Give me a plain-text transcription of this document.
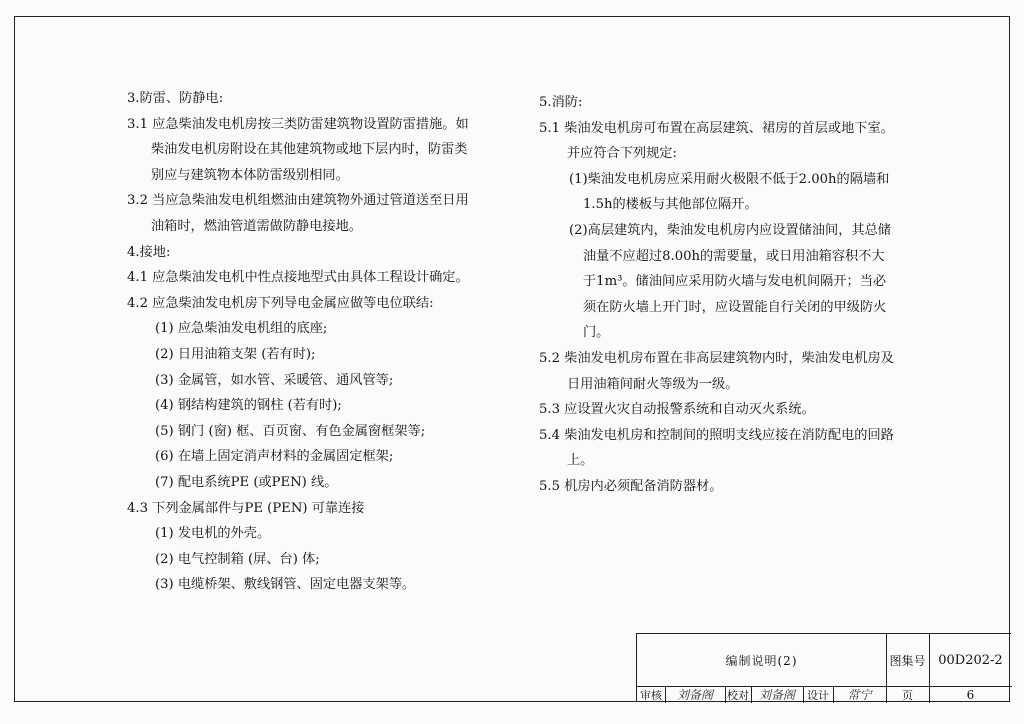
3.防雷、防静电:
3.1 应急柴油发电机房按三类防雷建筑物设置防雷措施。如
柴油发电机房附设在其他建筑物或地下层内时，防雷类
别应与建筑物本体防雷级别相同。
3.2 当应急柴油发电机组燃油由建筑物外通过管道送至日用
油箱时，燃油管道需做防静电接地。
4.接地:
4.1 应急柴油发电机中性点接地型式由具体工程设计确定。
4.2 应急柴油发电机房下列导电金属应做等电位联结:
(1) 应急柴油发电机组的底座;
(2) 日用油箱支架 (若有时);
(3) 金属管，如水管、采暖管、通风管等;
(4) 钢结构建筑的钢柱 (若有时);
(5) 钢门 (窗) 框、百页窗、有色金属窗框架等;
(6) 在墙上固定消声材料的金属固定框架;
(7) 配电系统PE (或PEN) 线。
4.3 下列金属部件与PE (PEN) 可靠连接
(1) 发电机的外壳。
(2) 电气控制箱 (屏、台) 体;
(3) 电缆桥架、敷线钢管、固定电器支架等。
5.消防:
5.1 柴油发电机房可布置在高层建筑、裙房的首层或地下室。
并应符合下列规定:
(1)柴油发电机房应采用耐火极限不低于2.00h的隔墙和
1.5h的楼板与其他部位隔开。
(2)高层建筑内，柴油发电机房内应设置储油间，其总储
油量不应超过8.00h的需要量，或日用油箱容积不大
于1m³。储油间应采用防火墙与发电机间隔开；当必
须在防火墙上开门时，应设置能自行关闭的甲级防火
门。
5.2 柴油发电机房布置在非高层建筑物内时，柴油发电机房及
日用油箱间耐火等级为一级。
5.3 应设置火灾自动报警系统和自动灭火系统。
5.4 柴油发电机房和控制间的照明支线应接在消防配电的回路
上。
5.5 机房内必须配备消防器材。
编制说明(2)	图集号 00D202-2
审核	刘备阁	校对 刘备阁	设计	常宁	页	6
